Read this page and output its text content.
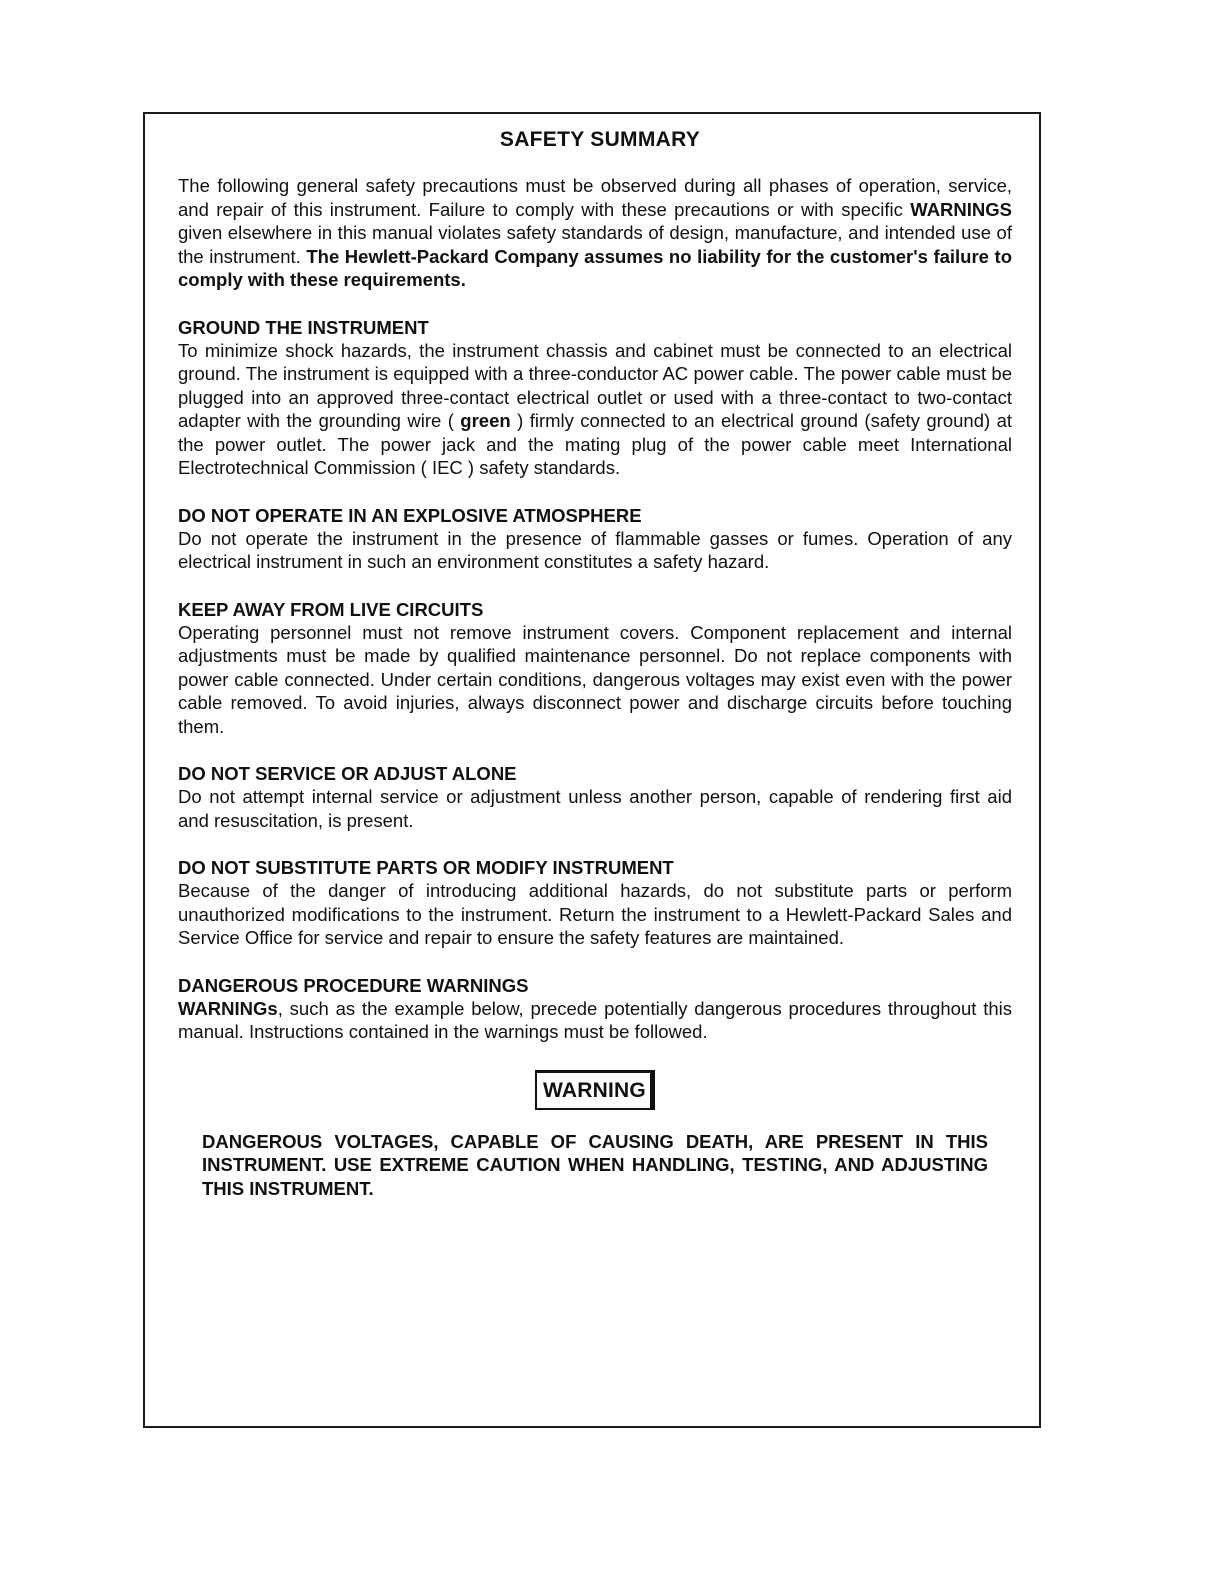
SAFETY SUMMARY

The following general safety precautions must be observed during all phases of operation, service, and repair of this instrument. Failure to comply with these precautions or with specific WARNINGS given elsewhere in this manual violates safety standards of design, manufacture, and intended use of the instrument. The Hewlett-Packard Company assumes no liability for the customer's failure to comply with these requirements.

GROUND THE INSTRUMENT

To minimize shock hazards, the instrument chassis and cabinet must be connected to an electrical ground. The instrument is equipped with a three-conductor AC power cable. The power cable must be plugged into an approved three-contact electrical outlet or used with a three-contact to two-contact adapter with the grounding wire ( green ) firmly connected to an electrical ground (safety ground) at the power outlet. The power jack and the mating plug of the power cable meet International Electrotechnical Commission ( IEC ) safety standards.

DO NOT OPERATE IN AN EXPLOSIVE ATMOSPHERE

Do not operate the instrument in the presence of flammable gasses or fumes. Operation of any electrical instrument in such an environment constitutes a safety hazard.

KEEP AWAY FROM LIVE CIRCUITS

Operating personnel must not remove instrument covers. Component replacement and internal adjustments must be made by qualified maintenance personnel. Do not replace components with power cable connected. Under certain conditions, dangerous voltages may exist even with the power cable removed. To avoid injuries, always disconnect power and discharge circuits before touching them.

DO NOT SERVICE OR ADJUST ALONE

Do not attempt internal service or adjustment unless another person, capable of rendering first aid and resuscitation, is present.

DO NOT SUBSTITUTE PARTS OR MODIFY INSTRUMENT

Because of the danger of introducing additional hazards, do not substitute parts or perform unauthorized modifications to the instrument. Return the instrument to a Hewlett-Packard Sales and Service Office for service and repair to ensure the safety features are maintained.

DANGEROUS PROCEDURE WARNINGS

WARNINGs, such as the example below, precede potentially dangerous procedures throughout this manual. Instructions contained in the warnings must be followed.

WARNING

DANGEROUS VOLTAGES, CAPABLE OF CAUSING DEATH, ARE PRESENT IN THIS INSTRUMENT. USE EXTREME CAUTION WHEN HANDLING, TESTING, AND ADJUSTING THIS INSTRUMENT.
